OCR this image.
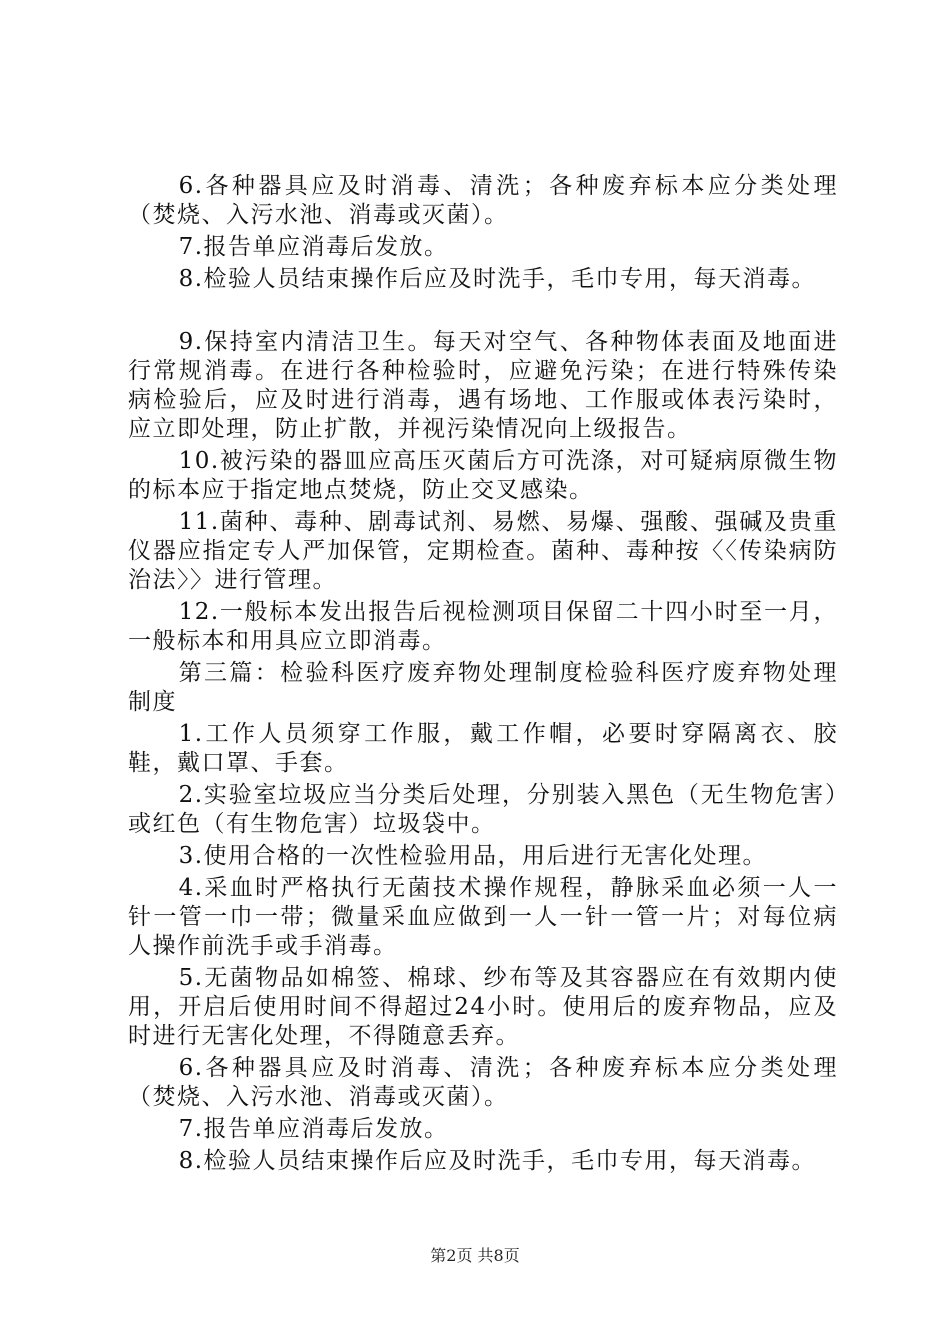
6.各种器具应及时消毒、清洗；各种废弃标本应分类处理（焚烧、入污水池、消毒或灭菌）。

7.报告单应消毒后发放。

8.检验人员结束操作后应及时洗手，毛巾专用，每天消毒。

9.保持室内清洁卫生。每天对空气、各种物体表面及地面进行常规消毒。在进行各种检验时，应避免污染；在进行特殊传染病检验后，应及时进行消毒，遇有场地、工作服或体表污染时，应立即处理，防止扩散，并视污染情况向上级报告。

10.被污染的器皿应高压灭菌后方可洗涤，对可疑病原微生物的标本应于指定地点焚烧，防止交叉感染。

11.菌种、毒种、剧毒试剂、易燃、易爆、强酸、强碱及贵重仪器应指定专人严加保管，定期检查。菌种、毒种按〈〈传染病防治法〉〉进行管理。

12.一般标本发出报告后视检测项目保留二十四小时至一月，一般标本和用具应立即消毒。

第三篇：检验科医疗废弃物处理制度检验科医疗废弃物处理制度

1.工作人员须穿工作服，戴工作帽，必要时穿隔离衣、胶鞋，戴口罩、手套。

2.实验室垃圾应当分类后处理，分别装入黑色（无生物危害）或红色（有生物危害）垃圾袋中。

3.使用合格的一次性检验用品，用后进行无害化处理。

4.采血时严格执行无菌技术操作规程，静脉采血必须一人一针一管一巾一带；微量采血应做到一人一针一管一片；对每位病人操作前洗手或手消毒。

5.无菌物品如棉签、棉球、纱布等及其容器应在有效期内使用，开启后使用时间不得超过24小时。使用后的废弃物品，应及时进行无害化处理，不得随意丢弃。

6.各种器具应及时消毒、清洗；各种废弃标本应分类处理（焚烧、入污水池、消毒或灭菌）。

7.报告单应消毒后发放。

8.检验人员结束操作后应及时洗手，毛巾专用，每天消毒。

第2页 共8页
